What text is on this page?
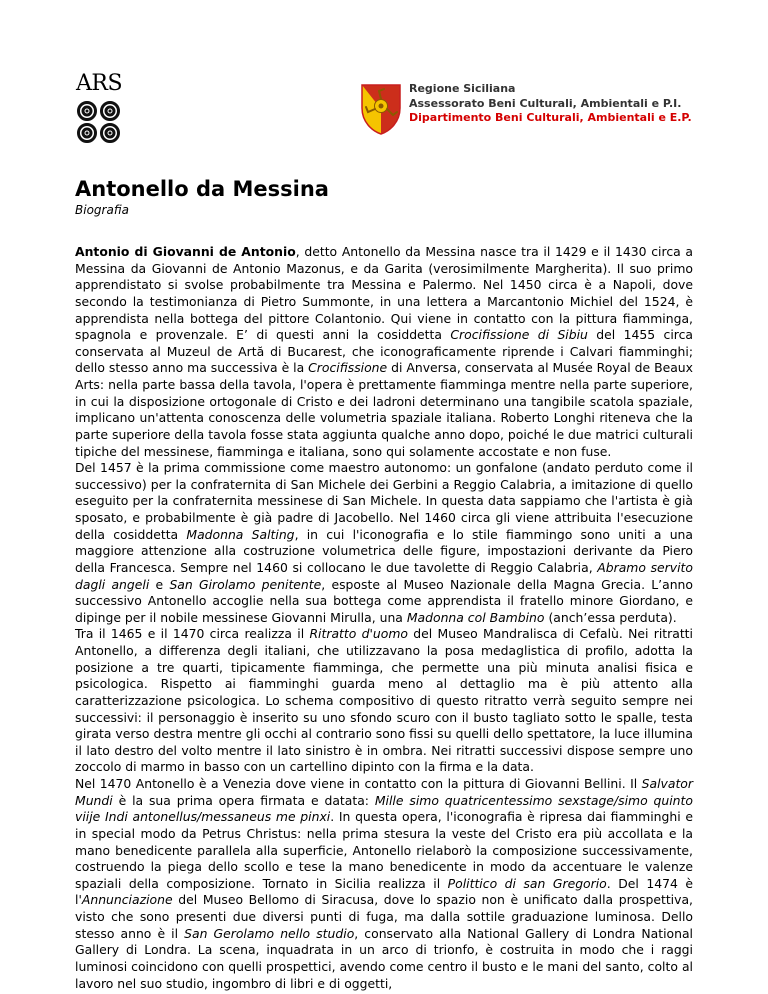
ARS	Regione Siciliana
Assessorato Beni Culturali, Ambientali e P.I.
Dipartimento Beni Culturali, Ambientali e E.P.
Antonello da Messina
Biografia

Antonio di Giovanni de Antonio, detto Antonello da Messina nasce tra il 1429 e il 1430 circa a Messina da Giovanni de Antonio Mazonus, e da Garita (verosimilmente Margherita). Il suo primo apprendistato si svolse probabilmente tra Messina e Palermo. Nel 1450 circa è a Napoli, dove secondo la testimonianza di Pietro Summonte, in una lettera a Marcantonio Michiel del 1524, è apprendista nella bottega del pittore Colantonio. Qui viene in contatto con la pittura fiamminga, spagnola e provenzale. E’ di questi anni la cosiddetta Crocifissione di Sibiu del 1455 circa conservata al Muzeul de Artă di Bucarest, che iconograficamente riprende i Calvari fiamminghi; dello stesso anno ma successiva è la Crocifissione di Anversa, conservata al Musée Royal de Beaux Arts: nella parte bassa della tavola, l'opera è prettamente fiamminga mentre nella parte superiore, in cui la disposizione ortogonale di Cristo e dei ladroni determinano una tangibile scatola spaziale, implicano un'attenta conoscenza delle volumetria spaziale italiana. Roberto Longhi riteneva che la parte superiore della tavola fosse stata aggiunta qualche anno dopo, poiché le due matrici culturali tipiche del messinese, fiamminga e italiana, sono qui solamente accostate e non fuse.

Del 1457 è la prima commissione come maestro autonomo: un gonfalone (andato perduto come il successivo) per la confraternita di San Michele dei Gerbini a Reggio Calabria, a imitazione di quello eseguito per la confraternita messinese di San Michele. In questa data sappiamo che l'artista è già sposato, e probabilmente è già padre di Jacobello. Nel 1460 circa gli viene attribuita l'esecuzione della cosiddetta Madonna Salting, in cui l'iconografia e lo stile fiammingo sono uniti a una maggiore attenzione alla costruzione volumetrica delle figure, impostazioni derivante da Piero della Francesca. Sempre nel 1460 si collocano le due tavolette di Reggio Calabria, Abramo servito dagli angeli e San Girolamo penitente, esposte al Museo Nazionale della Magna Grecia. L’anno successivo Antonello accoglie nella sua bottega come apprendista il fratello minore Giordano, e dipinge per il nobile messinese Giovanni Mirulla, una Madonna col Bambino (anch’essa perduta).

Tra il 1465 e il 1470 circa realizza il Ritratto d'uomo del Museo Mandralisca di Cefalù. Nei ritratti Antonello, a differenza degli italiani, che utilizzavano la posa medaglistica di profilo, adotta la posizione a tre quarti, tipicamente fiamminga, che permette una più minuta analisi fisica e psicologica. Rispetto ai fiamminghi guarda meno al dettaglio ma è più attento alla caratterizzazione psicologica. Lo schema compositivo di questo ritratto verrà seguito sempre nei successivi: il personaggio è inserito su uno sfondo scuro con il busto tagliato sotto le spalle, testa girata verso destra mentre gli occhi al contrario sono fissi su quelli dello spettatore, la luce illumina il lato destro del volto mentre il lato sinistro è in ombra. Nei ritratti successivi dispose sempre uno zoccolo di marmo in basso con un cartellino dipinto con la firma e la data.

Nel 1470 Antonello è a Venezia dove viene in contatto con la pittura di Giovanni Bellini. Il Salvator Mundi è la sua prima opera firmata e datata: Mille simo quatricentessimo sexstage/simo quinto viije Indi antonellus/messaneus me pinxi. In questa opera, l'iconografia è ripresa dai fiamminghi e in special modo da Petrus Christus: nella prima stesura la veste del Cristo era più accollata e la mano benedicente parallela alla superficie, Antonello rielaborò la composizione successivamente, costruendo la piega dello scollo e tese la mano benedicente in modo da accentuare le valenze spaziali della composizione. Tornato in Sicilia realizza il Polittico di san Gregorio. Del 1474 è l'Annunciazione del Museo Bellomo di Siracusa, dove lo spazio non è unificato dalla prospettiva, visto che sono presenti due diversi punti di fuga, ma dalla sottile graduazione luminosa. Dello stesso anno è il San Gerolamo nello studio, conservato alla National Gallery di Londra National Gallery di Londra. La scena, inquadrata in un arco di trionfo, è costruita in modo che i raggi luminosi coincidono con quelli prospettici, avendo come centro il busto e le mani del santo, colto al lavoro nel suo studio, ingombro di libri e di oggetti,
